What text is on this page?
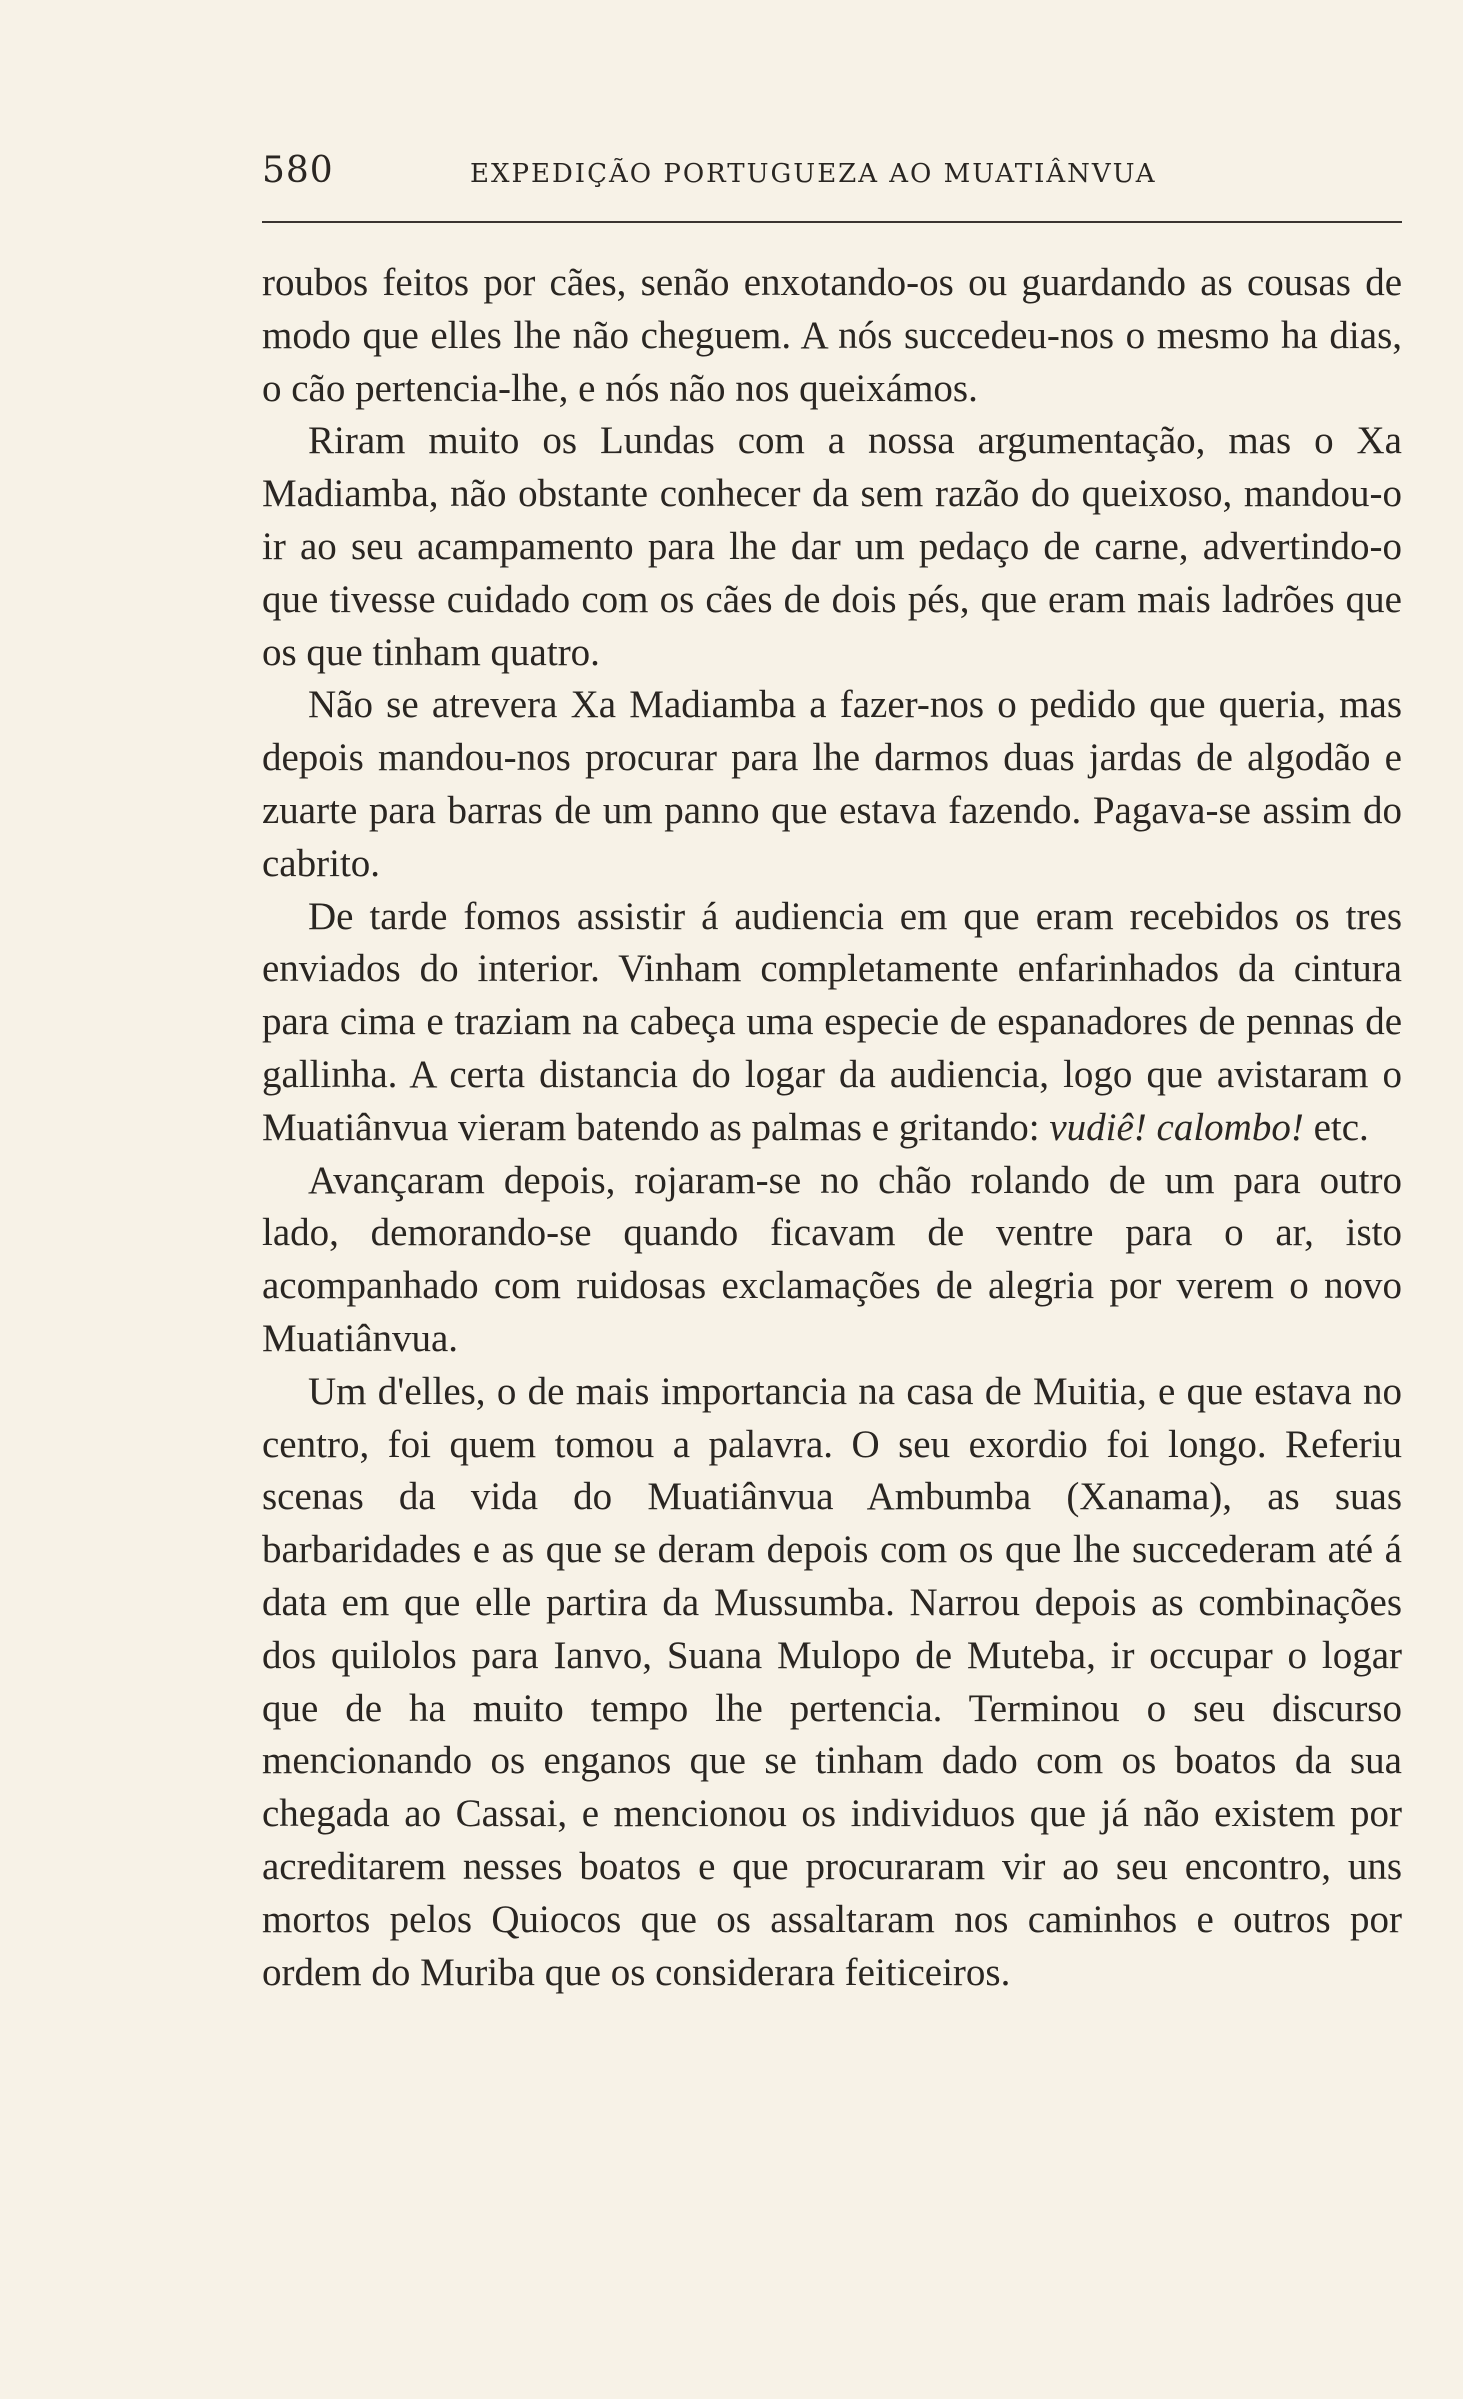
580	EXPEDIÇÃO PORTUGUEZA AO MUATIÂNVUA

roubos feitos por cães, senão enxotando-os ou guardando as cousas de modo que elles lhe não cheguem. A nós succedeu-nos o mesmo ha dias, o cão pertencia-lhe, e nós não nos queixámos.

Riram muito os Lundas com a nossa argumentação, mas o Xa Madiamba, não obstante conhecer da sem razão do queixoso, mandou-o ir ao seu acampamento para lhe dar um pedaço de carne, advertindo-o que tivesse cuidado com os cães de dois pés, que eram mais ladrões que os que tinham quatro.

Não se atrevera Xa Madiamba a fazer-nos o pedido que queria, mas depois mandou-nos procurar para lhe darmos duas jardas de algodão e zuarte para barras de um panno que estava fazendo. Pagava-se assim do cabrito.

De tarde fomos assistir á audiencia em que eram recebidos os tres enviados do interior. Vinham completamente enfarinhados da cintura para cima e traziam na cabeça uma especie de espanadores de pennas de gallinha. A certa distancia do logar da audiencia, logo que avistaram o Muatiânvua vieram batendo as palmas e gritando: vudiê! calombo! etc.

Avançaram depois, rojaram-se no chão rolando de um para outro lado, demorando-se quando ficavam de ventre para o ar, isto acompanhado com ruidosas exclamações de alegria por verem o novo Muatiânvua.

Um d'elles, o de mais importancia na casa de Muitia, e que estava no centro, foi quem tomou a palavra. O seu exordio foi longo. Referiu scenas da vida do Muatiânvua Ambumba (Xanama), as suas barbaridades e as que se deram depois com os que lhe succederam até á data em que elle partira da Mussumba. Narrou depois as combinações dos quilolos para Ianvo, Suana Mulopo de Muteba, ir occupar o logar que de ha muito tempo lhe pertencia. Terminou o seu discurso mencionando os enganos que se tinham dado com os boatos da sua chegada ao Cassai, e mencionou os individuos que já não existem por acreditarem nesses boatos e que procuraram vir ao seu encontro, uns mortos pelos Quiocos que os assaltaram nos caminhos e outros por ordem do Muriba que os considerara feiticeiros.
